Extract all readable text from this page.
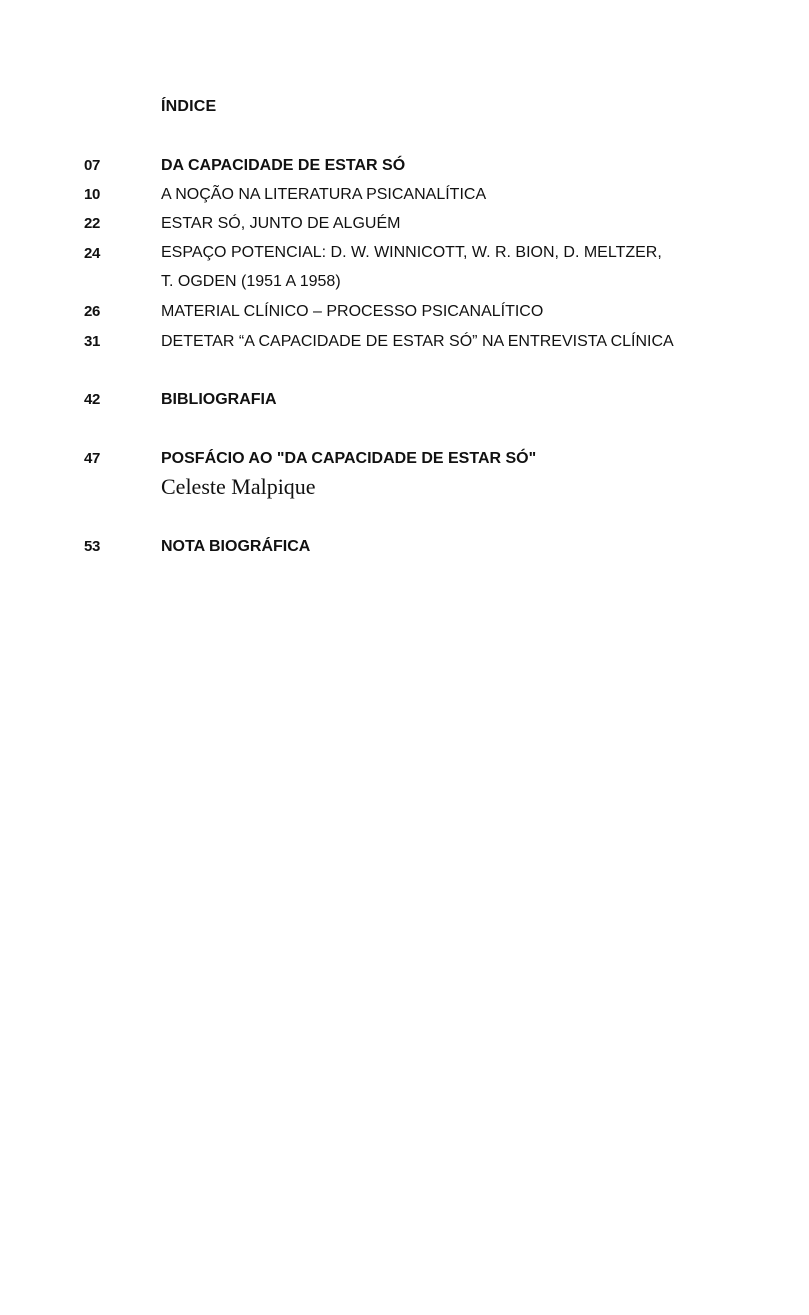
ÍNDICE
07	DA CAPACIDADE DE ESTAR SÓ
10	A NOÇÃO NA LITERATURA PSICANALÍTICA
22	ESTAR SÓ, JUNTO DE ALGUÉM
24	ESPAÇO POTENCIAL: D. W. WINNICOTT, W. R. BION, D. MELTZER,
T. OGDEN (1951 A 1958)
26	MATERIAL CLÍNICO – PROCESSO PSICANALÍTICO
31	DETETAR “A CAPACIDADE DE ESTAR SÓ” NA ENTREVISTA CLÍNICA
42	BIBLIOGRAFIA
47	POSFÁCIO AO "DA CAPACIDADE DE ESTAR SÓ"
Celeste Malpique
53	NOTA BIOGRÁFICA
